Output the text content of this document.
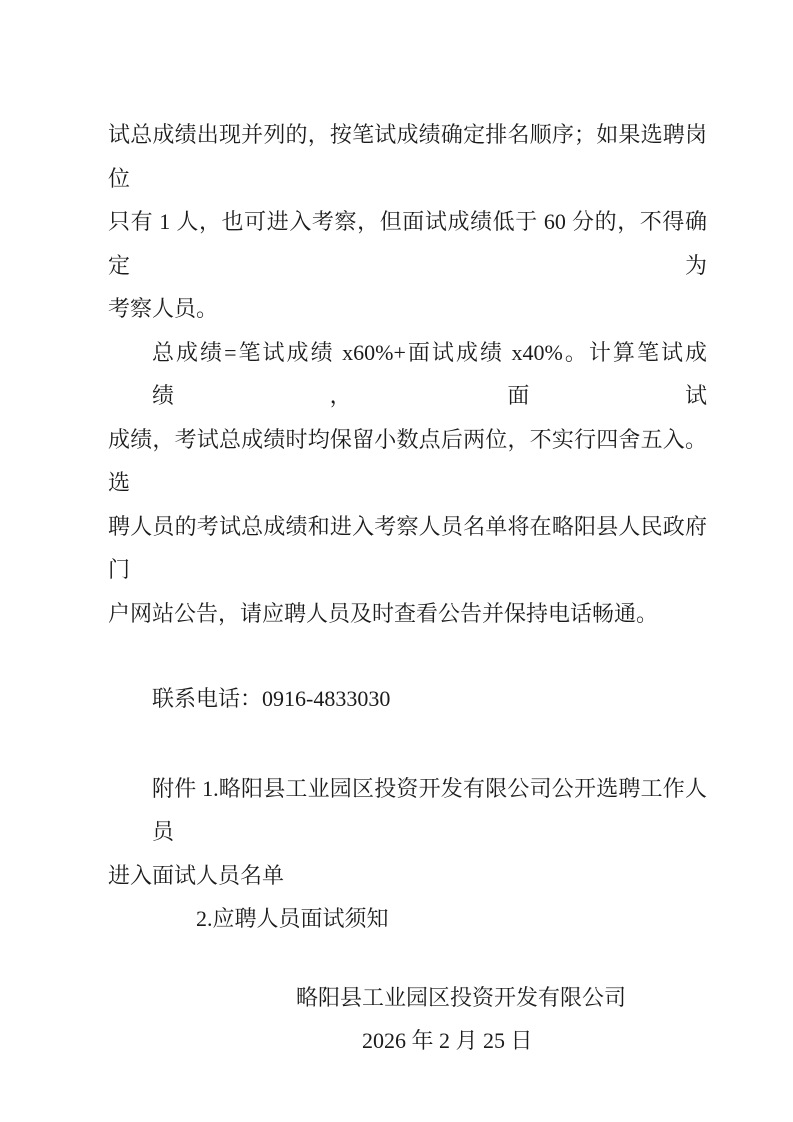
试总成绩出现并列的，按笔试成绩确定排名顺序；如果选聘岗位
只有 1 人，也可进入考察，但面试成绩低于 60 分的，不得确定为
考察人员。
总成绩=笔试成绩 x60%+面试成绩 x40%。计算笔试成绩，面试
成绩，考试总成绩时均保留小数点后两位，不实行四舍五入。选
聘人员的考试总成绩和进入考察人员名单将在略阳县人民政府门
户网站公告，请应聘人员及时查看公告并保持电话畅通。
联系电话：0916-4833030
附件 1.略阳县工业园区投资开发有限公司公开选聘工作人员
进入面试人员名单
2.应聘人员面试须知
略阳县工业园区投资开发有限公司
2026 年 2 月 25 日
